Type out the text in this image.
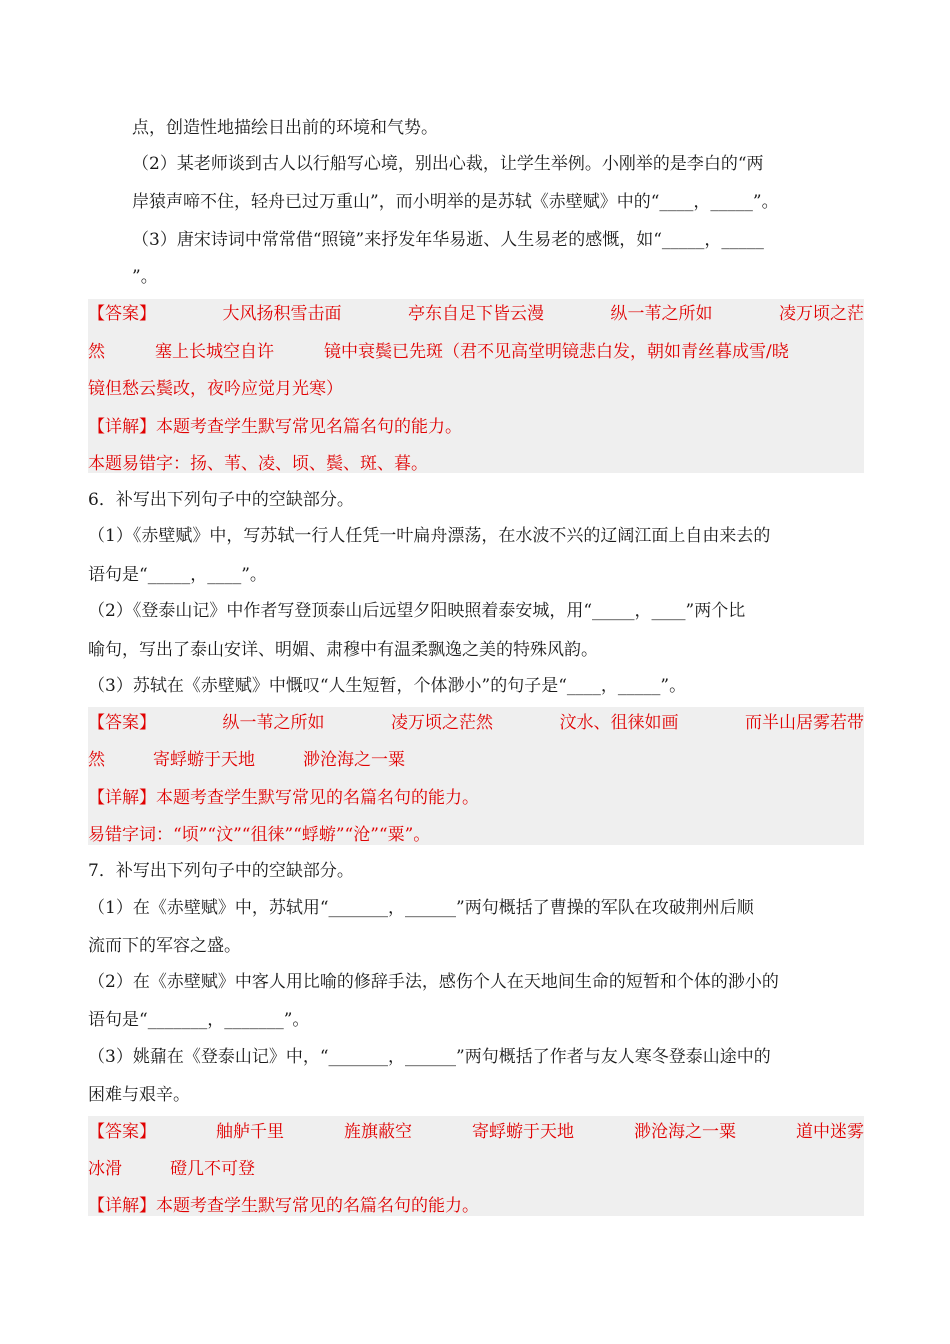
点，创造性地描绘日出前的环境和气势。
（2）某老师谈到古人以行船写心境，别出心裁，让学生举例。小刚举的是李白的“两
岸猿声啼不住，轻舟已过万重山”，而小明举的是苏轼《赤壁赋》中的“____，_____”。
（3）唐宋诗词中常常借“照镜”来抒发年华易逝、人生易老的感慨，如“_____，_____
”。
【答案】	大风扬积雪击面	亭东自足下皆云漫	纵一苇之所如	凌万顷之茫
然	塞上长城空自许	镜中衰鬓已先斑（君不见高堂明镜悲白发，朝如青丝暮成雪/晓
镜但愁云鬓改，夜吟应觉月光寒）
【详解】本题考查学生默写常见名篇名句的能力。
本题易错字：扬、苇、凌、顷、鬓、斑、暮。
6．补写出下列句子中的空缺部分。
（1）《赤壁赋》中，写苏轼一行人任凭一叶扁舟漂荡，在水波不兴的辽阔江面上自由来去的
语句是“_____，____”。
（2）《登泰山记》中作者写登顶泰山后远望夕阳映照着泰安城，用“_____，____”两个比
喻句，写出了泰山安详、明媚、肃穆中有温柔飘逸之美的特殊风韵。
（3）苏轼在《赤壁赋》中慨叹“人生短暂，个体渺小”的句子是“____，_____”。
【答案】	纵一苇之所如	凌万顷之茫然	汶水、徂徕如画	而半山居雾若带
然	寄蜉蝣于天地	渺沧海之一粟
【详解】本题考查学生默写常见的名篇名句的能力。
易错字词：“顷”“汶”“徂徕”“蜉蝣”“沧”“粟”。
7．补写出下列句子中的空缺部分。
（1）在《赤壁赋》中，苏轼用“_______，______”两句概括了曹操的军队在攻破荆州后顺
流而下的军容之盛。
（2）在《赤壁赋》中客人用比喻的修辞手法，感伤个人在天地间生命的短暂和个体的渺小的
语句是“_______，_______”。
（3）姚鼐在《登泰山记》中，“_______，______”两句概括了作者与友人寒冬登泰山途中的
困难与艰辛。
【答案】	舳舻千里	旌旗蔽空	寄蜉蝣于天地	渺沧海之一粟	道中迷雾
冰滑	磴几不可登
【详解】本题考查学生默写常见的名篇名句的能力。
